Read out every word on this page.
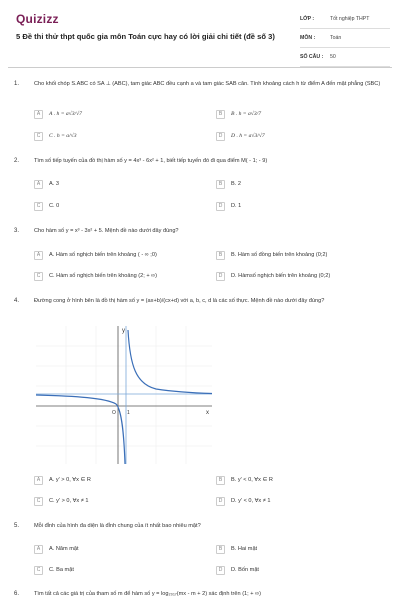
Quizizz
5 Đề thi thử thpt quốc gia môn Toán cực hay có lời giải chi tiết (đề số 3)
LỚP :	Tốt nghiệp THPT
MÔN :	Toán
SỐ CÂU :	50
1.	Cho khối chóp S.ABC có SA ⊥ (ABC), tam giác ABC đều cạnh a và tam giác SAB cân. Tính khoảng cách h từ điểm A đến mặt phẳng (SBC)
A	A . h = a√3/√7	B	B . h = a√3/7
C	C . h = a/√3	D	D . h = a√3/√7
2.	Tìm số tiếp tuyến của đồ thị hàm số y = 4x³ - 6x² + 1, biết tiếp tuyến đó đi qua điểm M( - 1; - 9)
A	A. 3	B	B. 2
C	C. 0	D	D. 1
3.	Cho hàm số y = x³ - 3x² + 5. Mệnh đề nào dưới đây đúng?
A	A. Hàm số nghịch biến trên khoảng ( - ∞ ;0)	B	B. Hàm số đồng biến trên khoảng (0;2)
C	C. Hàm số nghịch biến trên khoảng (2; + ∞)	D	D. Hàmsố nghịch biến trên khoảng (0;2)
4.	Đường cong ở hình bên là đồ thị hàm số y = (ax+b)/(cx+d) với a, b, c, d là các số thực. Mệnh đề nào dưới đây đúng?
y
x
O 1
A	A. y' > 0, ∀x ∈ R	B	B. y' < 0, ∀x ∈ R
C	C. y' > 0, ∀x ≠ 1	D	D. y' < 0, ∀x ≠ 1
5.	Mỗi đỉnh của hình đa diện là đỉnh chung của ít nhất bao nhiêu mặt?
A	A. Năm mặt	B	B. Hai mặt
C	C. Ba mặt	D	D. Bốn mặt
6.	Tìm tất cả các giá trị của tham số m để hàm số y = log₂₀₁₇(mx - m + 2) xác định trên (1; + ∞)
